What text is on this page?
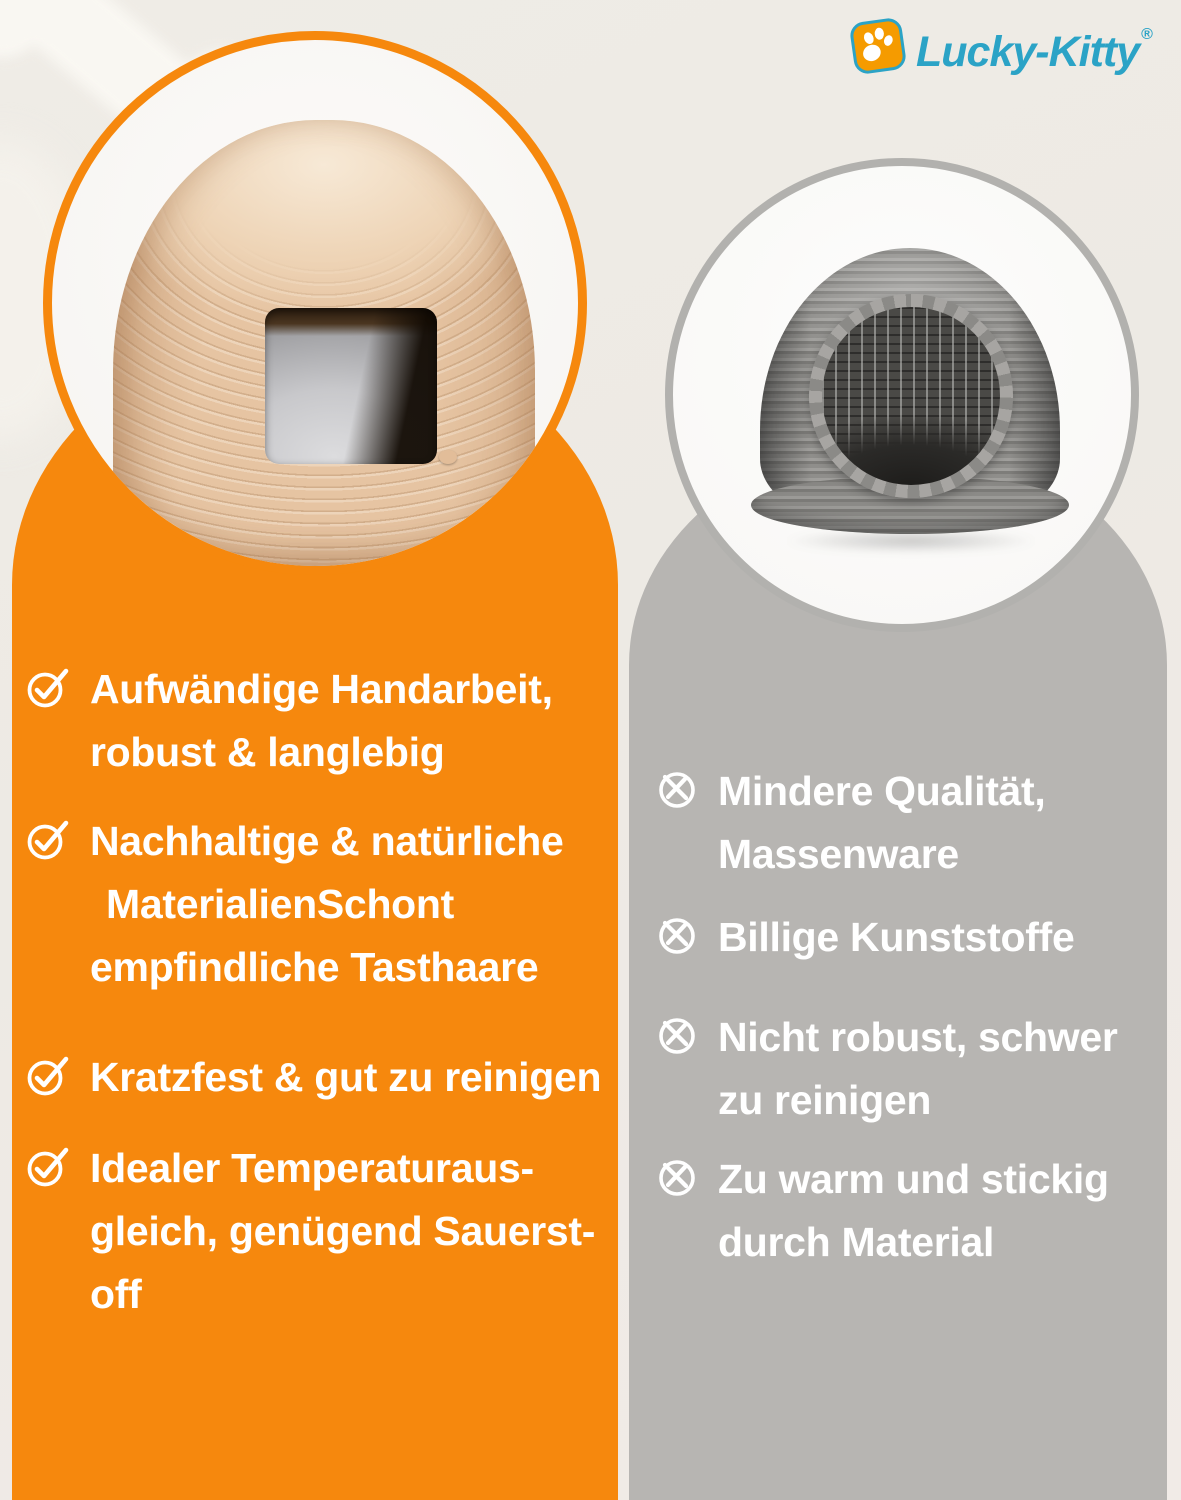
Lucky-Kitty ®
Aufwändige Handarbeit,
robust & langlebig
Nachhaltige & natürliche
MaterialienSchont
empfindliche Tasthaare
Kratzfest & gut zu reinigen
Idealer Temperaturaus-
gleich, genügend Sauerst-
off
Mindere Qualität,
Massenware
Billige Kunststoffe
Nicht robust, schwer
zu reinigen
Zu warm und stickig
durch Material
